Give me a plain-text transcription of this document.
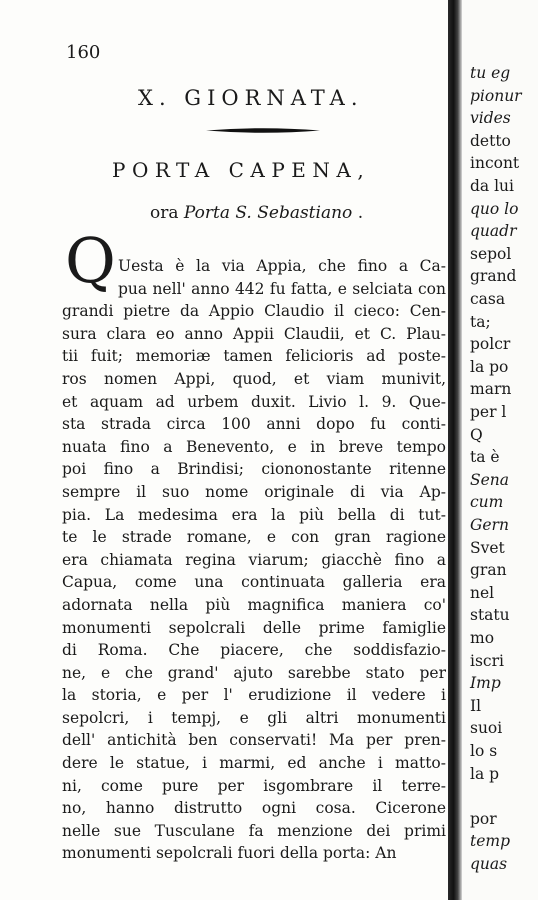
160
X. GIORNATA.
PORTA CAPENA,
ora Porta S. Sebastiano .
Q Uesta è la via Appia, che fino a Ca-
pua nell' anno 442 fu fatta, e selciata con
grandi pietre da Appio Claudio il cieco: Cen-
sura clara eo anno Appii Claudii, et C. Plau-
tii fuit; memoriæ tamen felicioris ad poste-
ros nomen Appi, quod, et viam munivit,
et aquam ad urbem duxit. Livio l. 9. Que-
sta strada circa 100 anni dopo fu conti-
nuata fino a Benevento, e in breve tempo
poi fino a Brindisi; ciononostante ritenne
sempre il suo nome originale di via Ap-
pia. La medesima era la più bella di tut-
te le strade romane, e con gran ragione
era chiamata regina viarum; giacchè fino a
Capua, come una continuata galleria era
adornata nella più magnifica maniera co'
monumenti sepolcrali delle prime famiglie
di Roma. Che piacere, che soddisfazio-
ne, e che grand' ajuto sarebbe stato per
la storia, e per l' erudizione il vedere i
sepolcri, i tempj, e gli altri monumenti
dell' antichità ben conservati! Ma per pren-
dere le statue, i marmi, ed anche i matto-
ni, come pure per isgombrare il terre-
no, hanno distrutto ogni cosa. Cicerone
nelle sue Tusculane fa menzione dei primi
monumenti sepolcrali fuori della porta: An
tu eg
pionur
vides
detto
incont
da lui
quo lo
quadr
sepol
grand
casa
ta;
polcr
la po
marn
per l
Q
ta è
Sena
cum
Gern
Svet
gran
nel
statu
mo
iscri
Imp
Il
suoi
lo s
la p
por
temp
quas
